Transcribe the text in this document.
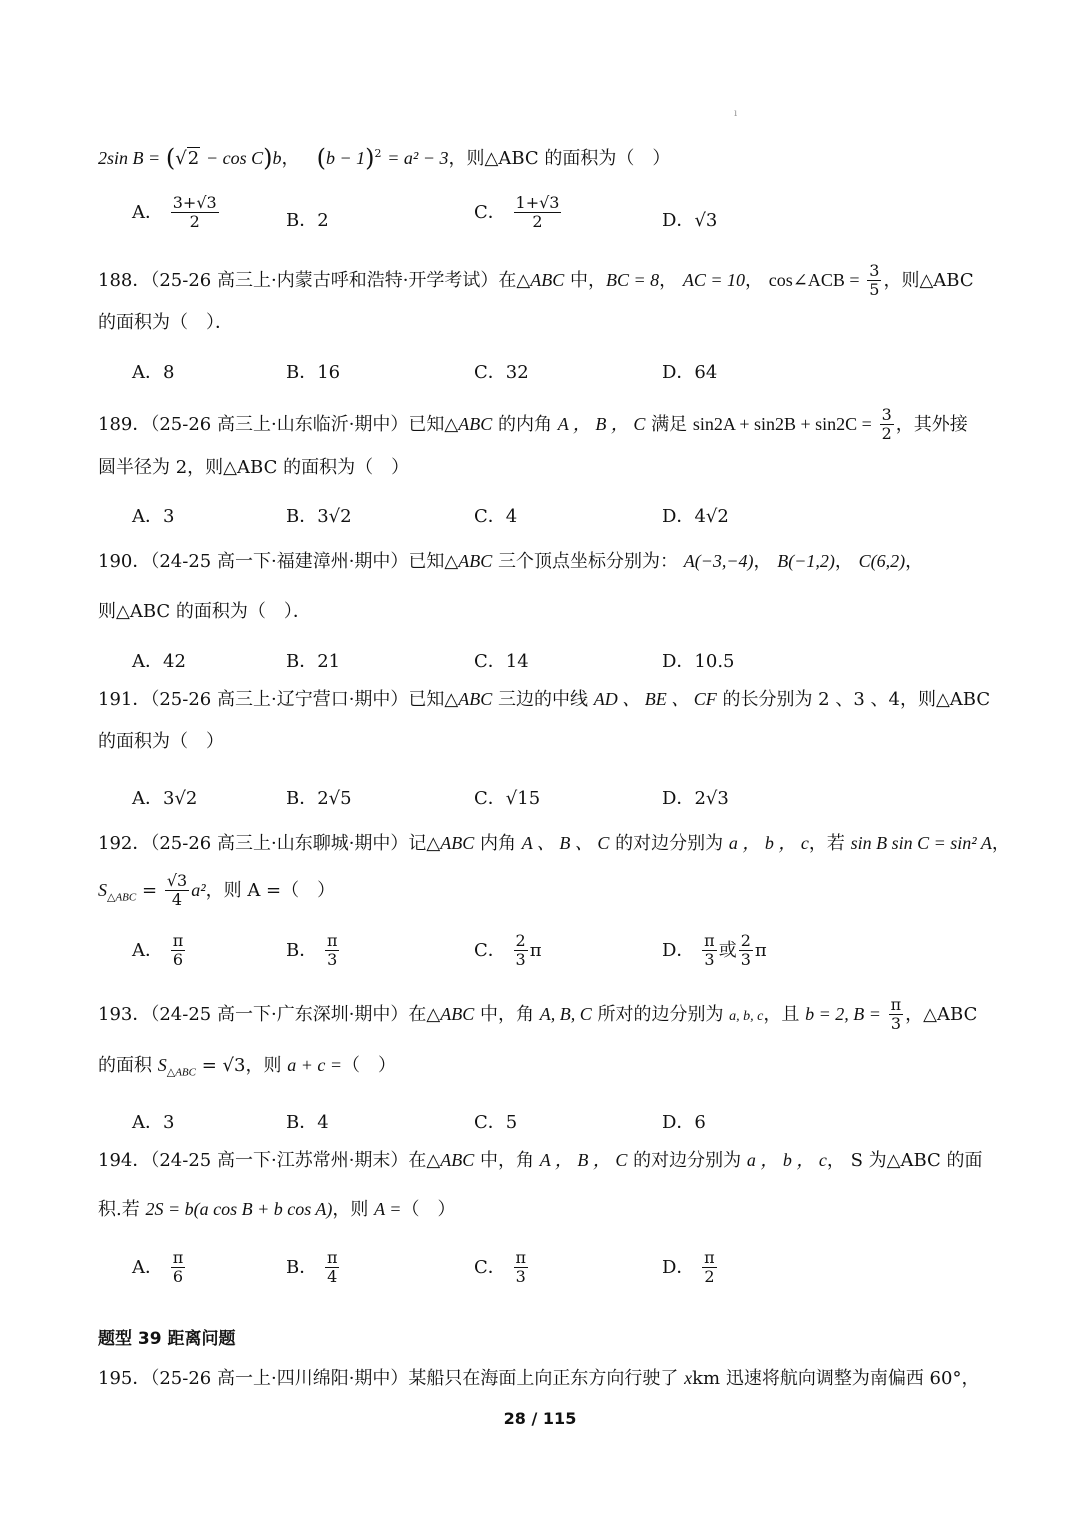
ı
2sin B = (√2 − cos C)b， $(b - 1)^2 = a^2 - 3$，则△ABC 的面积为（　）
A． $\frac{3+√3}{2}$	B．2	C． $\frac{1+√3}{2}$	D．√3
188．（25-26 高三上·内蒙古呼和浩特·开学考试）在△ABC 中，BC = 8， AC = 10， cos∠ACB = $\frac{3}{5}$ ，则△ABC
的面积为（　）．
A．8	B．16	C．32	D．64
189．（25-26 高三上·山东临沂·期中）已知△ABC 的内角 A ， B ， C 满足 $\sin 2A + \sin 2B + \sin 2C = \frac{3}{2}$ ，其外接
圆半径为 2，则△ABC 的面积为（　）
A．3	B．3√2	C．4	D．4√2
190．（24-25 高一下·福建漳州·期中）已知△ABC 三个顶点坐标分别为： A(−3,−4)， B(−1,2)， C(6,2)，
则△ABC 的面积为（　）．
A．42	B．21	C．14	D．10.5
191．（25-26 高三上·辽宁营口·期中）已知△ABC 三边的中线 AD 、 BE 、 CF 的长分别为 2 、3 、4，则△ABC
的面积为（　）
A．3√2	B．2√5	C．√15	D．2√3
192．（25-26 高三上·山东聊城·期中）记△ABC 内角 A 、 B 、 C 的对边分别为 a ， b ， c，若 sin B sin C = sin² A，
$S_{\triangle ABC} = \frac{√3}{4} a^2$，则 A =（　）
A． $\frac{\pi}{6}$	B． $\frac{\pi}{3}$	C． $\frac{2}{3}$ π	D． $\frac{\pi}{3}$ 或 $\frac{2}{3}$ π
193．（24-25 高一下·广东深圳·期中）在△ABC 中，角 A, B, C 所对的边分别为 a, b, c，且 b = 2, $B = \frac{\pi}{3}$ ，△ABC
的面积 $S_{\triangle ABC} = √3$，则 a + c =（　）
A．3	B．4	C．5	D．6
194．（24-25 高一下·江苏常州·期末）在△ABC 中，角 A ， B ， C 的对边分别为 a ， b ， c， S 为△ABC 的面
积.若 2S = b(a cos B + b cos A)，则 A =（　）
A． $\frac{\pi}{6}$	B． $\frac{\pi}{4}$	C． $\frac{\pi}{3}$	D． $\frac{\pi}{2}$
题型 39 距离问题
195．（25-26 高一上·四川绵阳·期中）某船只在海面上向正东方向行驶了 xkm 迅速将航向调整为南偏西 60°，
28 / 115
